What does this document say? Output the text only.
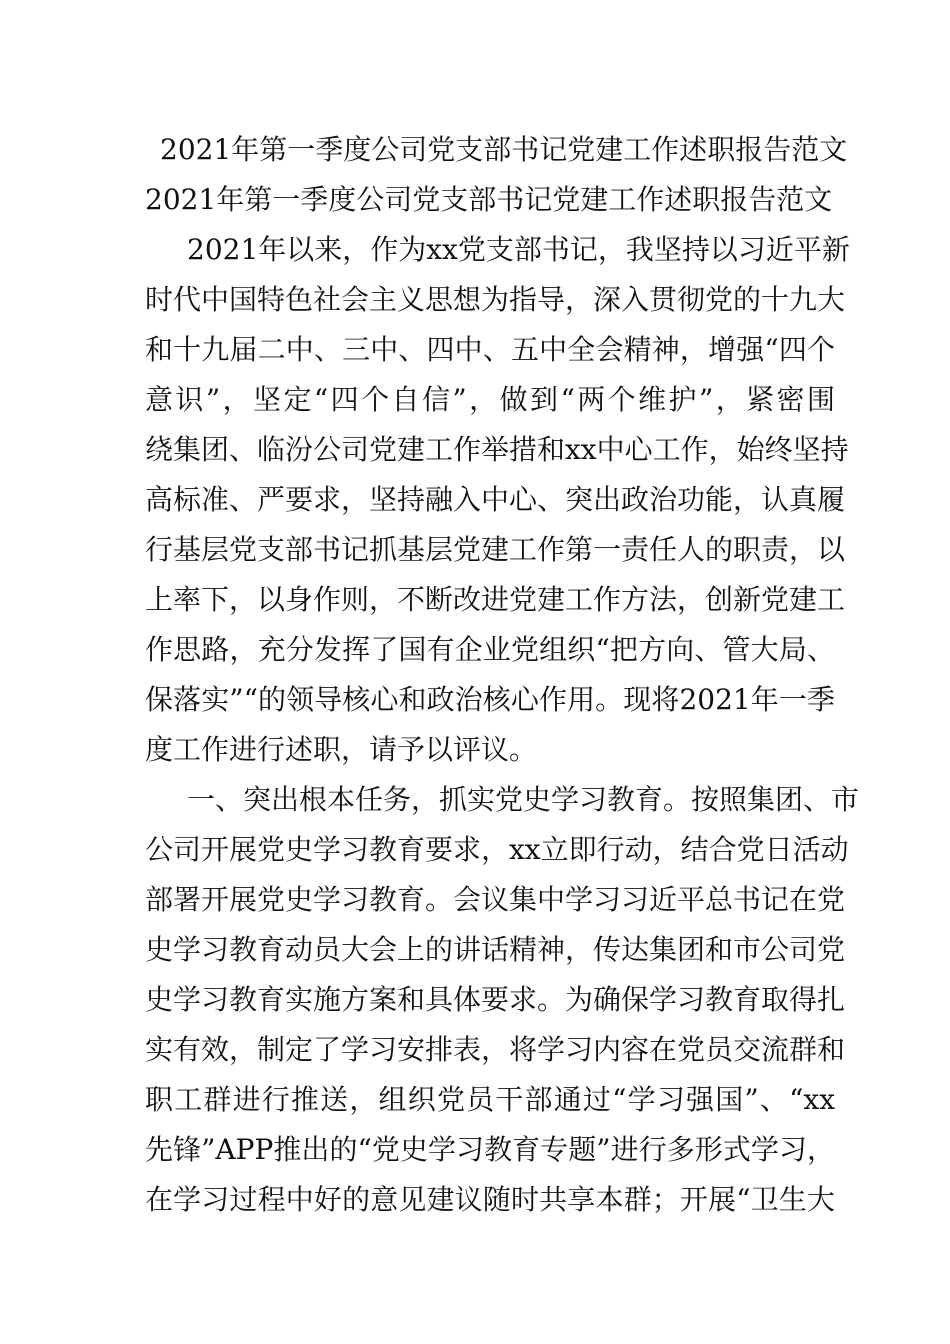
2021年第一季度公司党支部书记党建工作述职报告范文
2021年第一季度公司党支部书记党建工作述职报告范文
2021年以来，作为xx党支部书记，我坚持以习近平新
时代中国特色社会主义思想为指导，深入贯彻党的十九大
和十九届二中、三中、四中、五中全会精神，增强“四个
意识”，坚定“四个自信”，做到“两个维护”，紧密围
绕集团、临汾公司党建工作举措和xx中心工作，始终坚持
高标准、严要求，坚持融入中心、突出政治功能，认真履
行基层党支部书记抓基层党建工作第一责任人的职责，以
上率下，以身作则，不断改进党建工作方法，创新党建工
作思路，充分发挥了国有企业党组织“把方向、管大局、
保落实”“的领导核心和政治核心作用。现将2021年一季
度工作进行述职，请予以评议。
一、突出根本任务，抓实党史学习教育。按照集团、市
公司开展党史学习教育要求，xx立即行动，结合党日活动
部署开展党史学习教育。会议集中学习习近平总书记在党
史学习教育动员大会上的讲话精神，传达集团和市公司党
史学习教育实施方案和具体要求。为确保学习教育取得扎
实有效，制定了学习安排表，将学习内容在党员交流群和
职工群进行推送，组织党员干部通过“学习强国”、“xx
先锋”APP推出的“党史学习教育专题”进行多形式学习，
在学习过程中好的意见建议随时共享本群；开展“卫生大
